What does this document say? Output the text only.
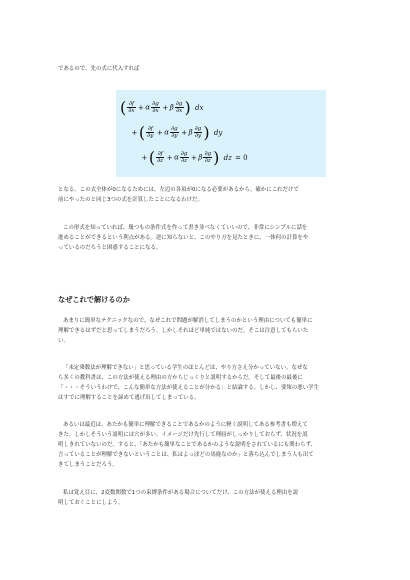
であるので、先の式に代入すれば
( $\frac{\partial f}{\partial x} + \alpha \frac{\partial g}{\partial x} + \beta \frac{\partial g}{\partial x}$ ) dx
+( $\frac{\partial f}{\partial y} + \alpha \frac{\partial g}{\partial y} + \beta \frac{\partial g}{\partial y}$ ) dy
+( $\frac{\partial f}{\partial z} + \alpha \frac{\partial g}{\partial z} + \beta \frac{\partial g}{\partial z}$ ) dz = 0
となる。この式全体が0になるためには、左辺の各項が0になる必要があるから、確かにこれだけで
前にやったのと同じ3つの式を計算したことになるわけだ。
この形式を知っていれば、幾つもの条件式を作って書き並べなくていいので、非常にシンプルに話を
進めることができるという利点がある。逆に知らないと、このやり方を見たときに、一体何の計算をや
っているのだろうと困惑することになる。
なぜこれで解けるのか
あまりに簡単なテクニックなので、なぜこれで問題が解消してしまうのかという理由についても簡単に
理解できるはずだと思ってしまうだろう。しかしそれほど単純ではないのだ。そこは注意してもらいた
い。
「未定乗数法が理解できない」と思っている学生のほとんどは、やり方さえ分かっていない。なぜな
ら多くの教科書は、この方法が使える理由の方からじっくりと説明するからだ。そして最後の最後に
「・・・そういうわけで、こんな簡単な方法が使えることが分かる」と結論する。しかし、要領の悪い学生
はすでに理解することを諦めて逃げ出してしまっている。
あるいは最近は、あたかも簡単に理解できることであるかのように軽く説明してある参考書も増えて
きた。しかしそういう説明には穴が多い。イメージだけ先行して理屈がしっかりしておらず、状況を説
明しきれていないのだ。すると、「あたかも簡単なことであるかのような説明をされているにも関わらず、
言っていることが理解できないということは、私はよっぽどの馬鹿なのか」と落ち込んでしまう人も出て
きてしまうことだろう。
私は覚え目に、2変数関数で1つの束縛条件がある場合についてだけ、この方法が使える理由を説
明しておくことにしよう。
